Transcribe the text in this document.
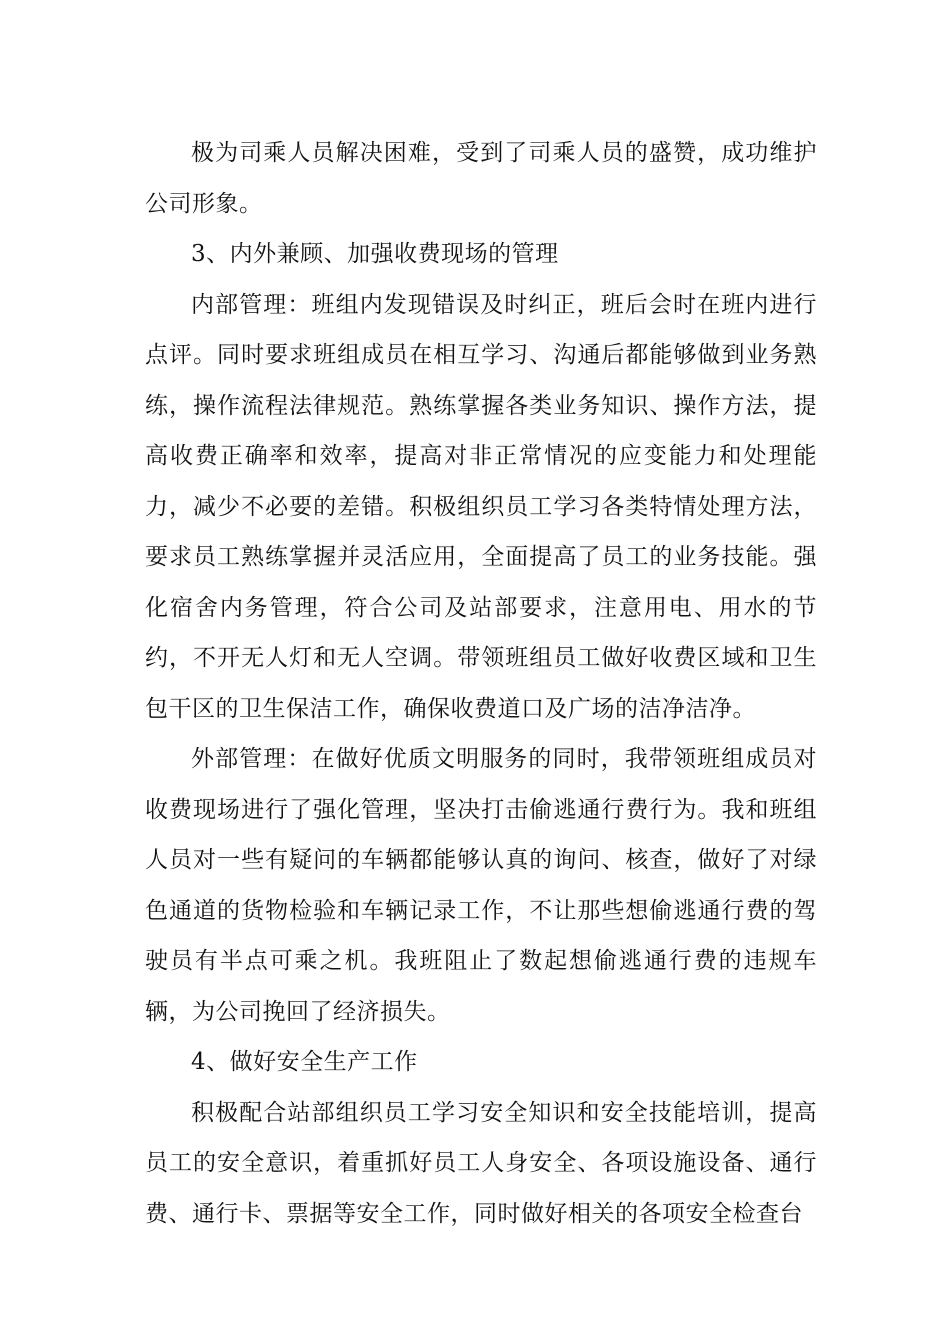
极为司乘人员解决困难，受到了司乘人员的盛赞，成功维护公司形象。

3、内外兼顾、加强收费现场的管理

内部管理：班组内发现错误及时纠正，班后会时在班内进行点评。同时要求班组成员在相互学习、沟通后都能够做到业务熟练，操作流程法律规范。熟练掌握各类业务知识、操作方法，提高收费正确率和效率，提高对非正常情况的应变能力和处理能力，减少不必要的差错。积极组织员工学习各类特情处理方法，要求员工熟练掌握并灵活应用，全面提高了员工的业务技能。强化宿舍内务管理，符合公司及站部要求，注意用电、用水的节约，不开无人灯和无人空调。带领班组员工做好收费区域和卫生包干区的卫生保洁工作，确保收费道口及广场的洁净洁净。

外部管理：在做好优质文明服务的同时，我带领班组成员对收费现场进行了强化管理，坚决打击偷逃通行费行为。我和班组人员对一些有疑问的车辆都能够认真的询问、核查，做好了对绿色通道的货物检验和车辆记录工作，不让那些想偷逃通行费的驾驶员有半点可乘之机。我班阻止了数起想偷逃通行费的违规车辆，为公司挽回了经济损失。

4、做好安全生产工作

积极配合站部组织员工学习安全知识和安全技能培训，提高员工的安全意识，着重抓好员工人身安全、各项设施设备、通行费、通行卡、票据等安全工作，同时做好相关的各项安全检查台
